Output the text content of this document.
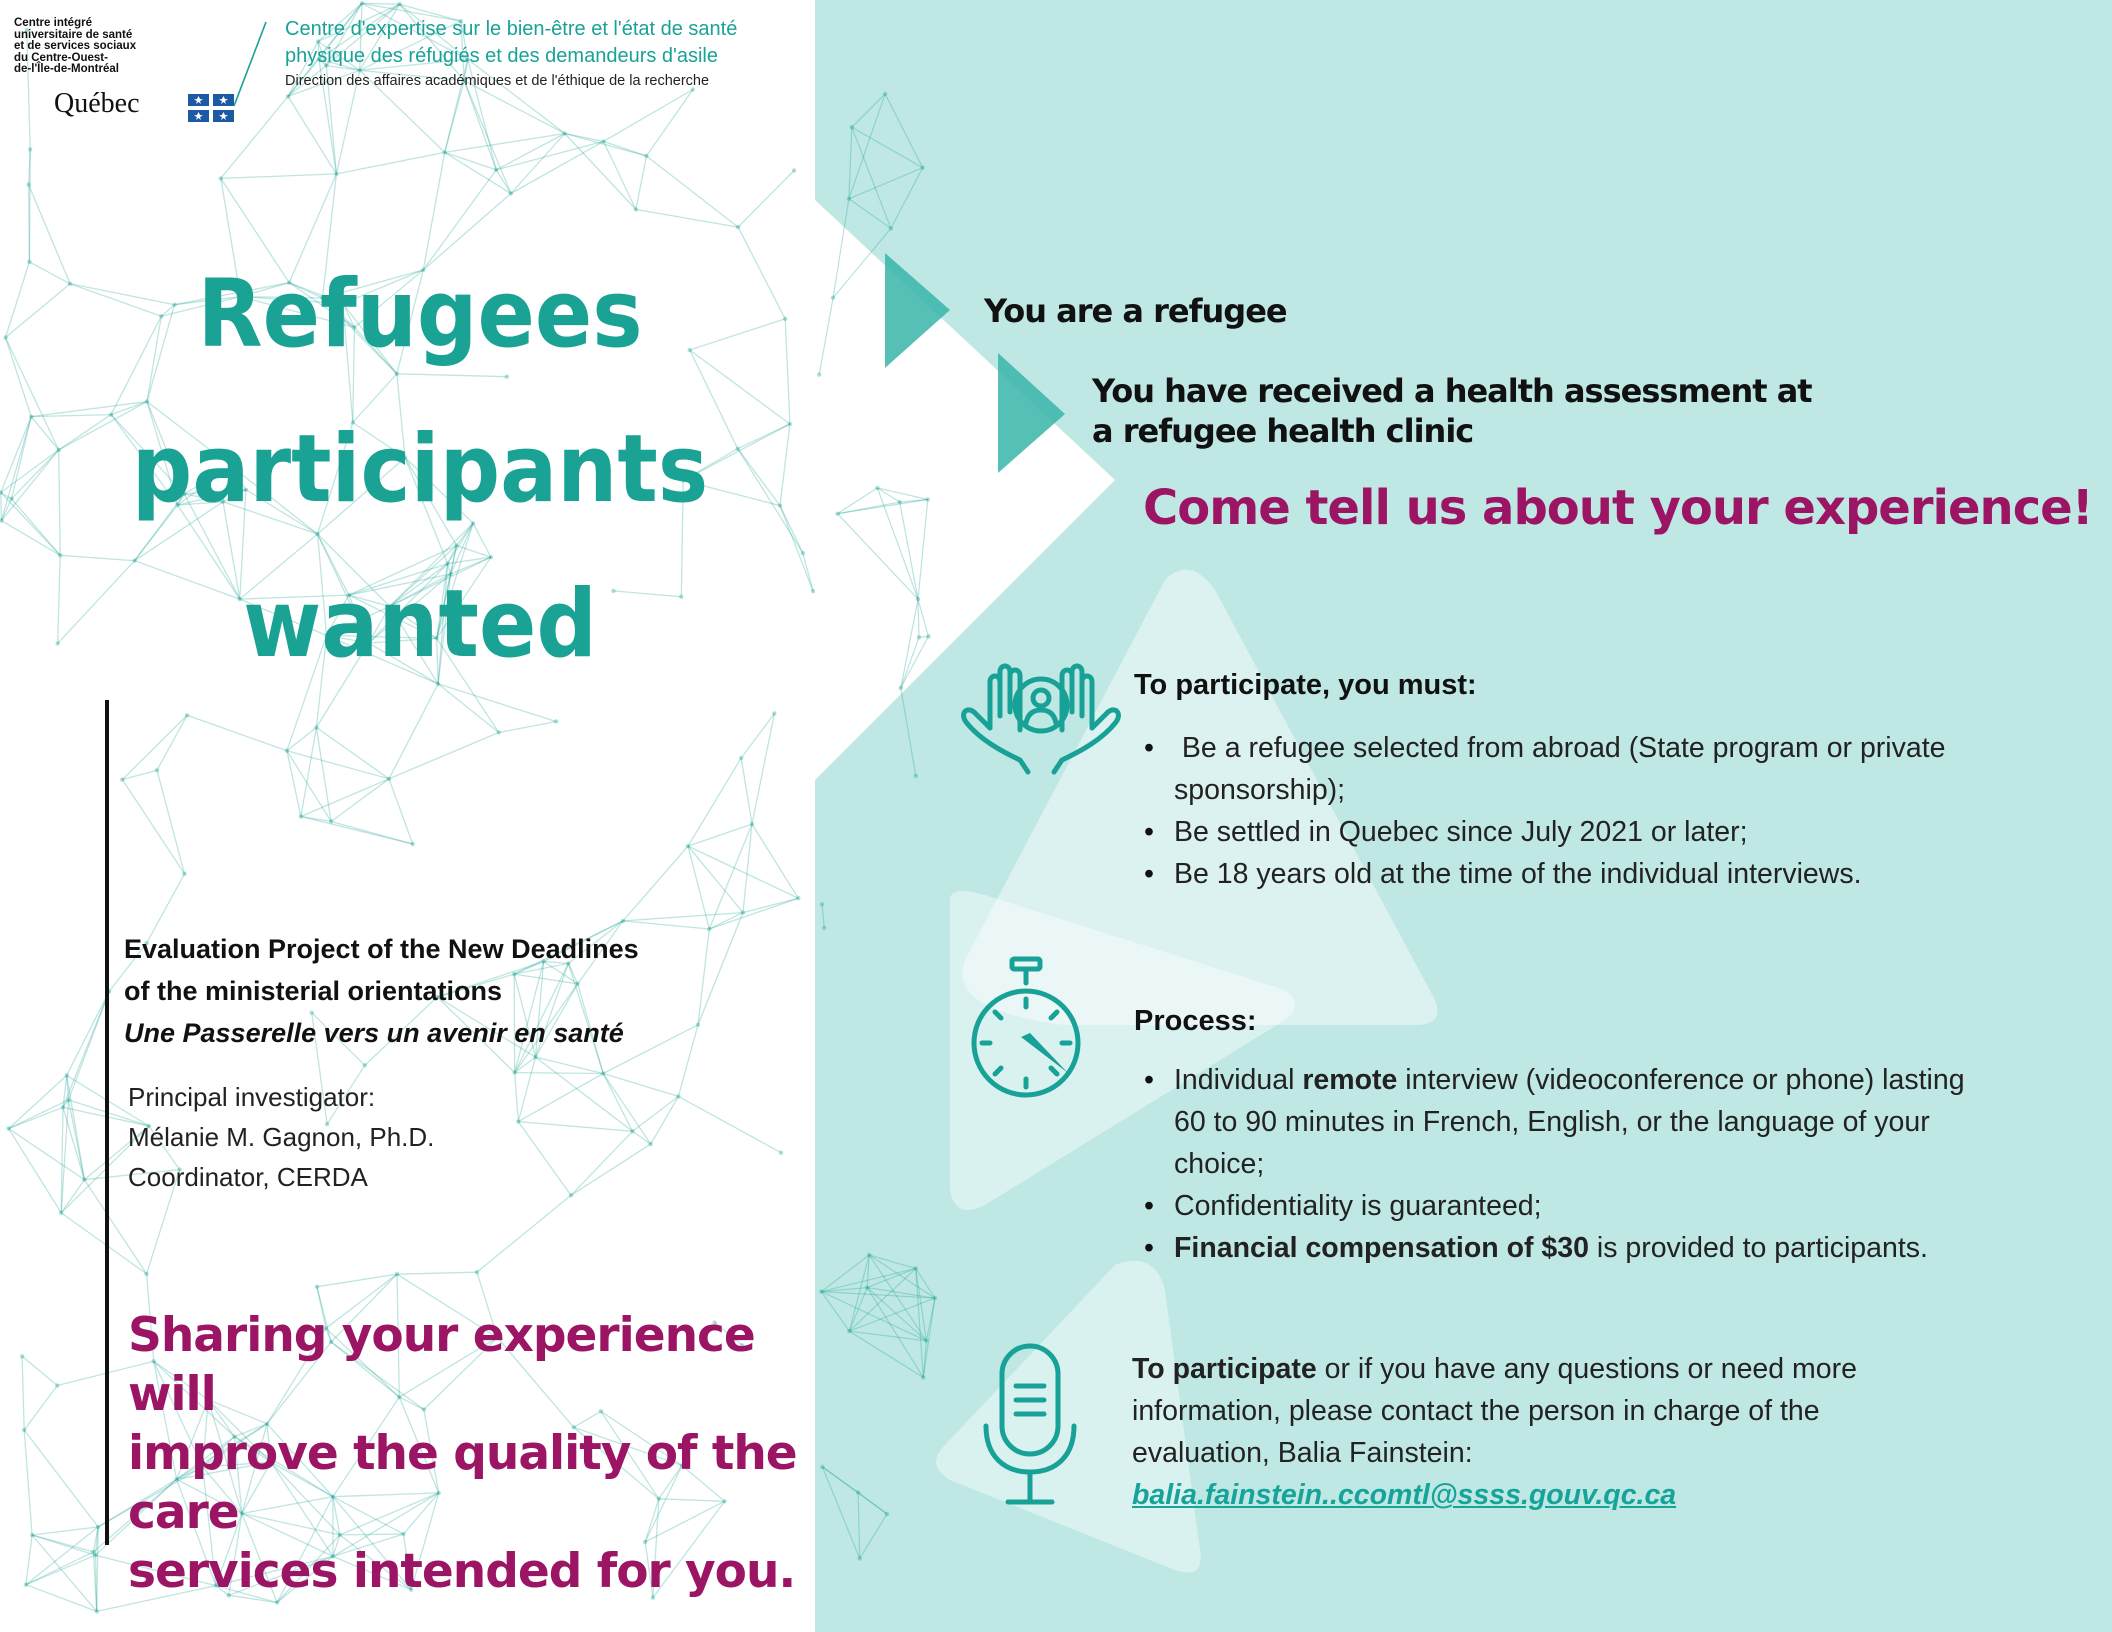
Centre intégré
universitaire de santé
et de services sociaux
du Centre-Ouest-
de-l'Île-de-Montréal
Québec
Centre d'expertise sur le bien-être et l'état de santé
physique des réfugiés et des demandeurs d'asile
Direction des affaires académiques et de l'éthique de la recherche
Refugees
participants
wanted
Evaluation Project of the New Deadlines
of the ministerial orientations
Une Passerelle vers un avenir en santé
Principal investigator:
Mélanie M. Gagnon, Ph.D.
Coordinator, CERDA
Sharing your experience will
improve the quality of the care
services intended for you.
You are a refugee
You have received a health assessment at
a refugee health clinic
Come tell us about your experience!
To participate, you must:
•  Be a refugee selected from abroad (State program or private
sponsorship);
• Be settled in Quebec since July 2021 or later;
• Be 18 years old at the time of the individual interviews.
Process:
• Individual remote interview (videoconference or phone) lasting
60 to 90 minutes in French, English, or the language of your
choice;
• Confidentiality is guaranteed;
• Financial compensation of $30 is provided to participants.
To participate or if you have any questions or need more
information, please contact the person in charge of the
evaluation, Balia Fainstein:
balia.fainstein..ccomtl@ssss.gouv.qc.ca
